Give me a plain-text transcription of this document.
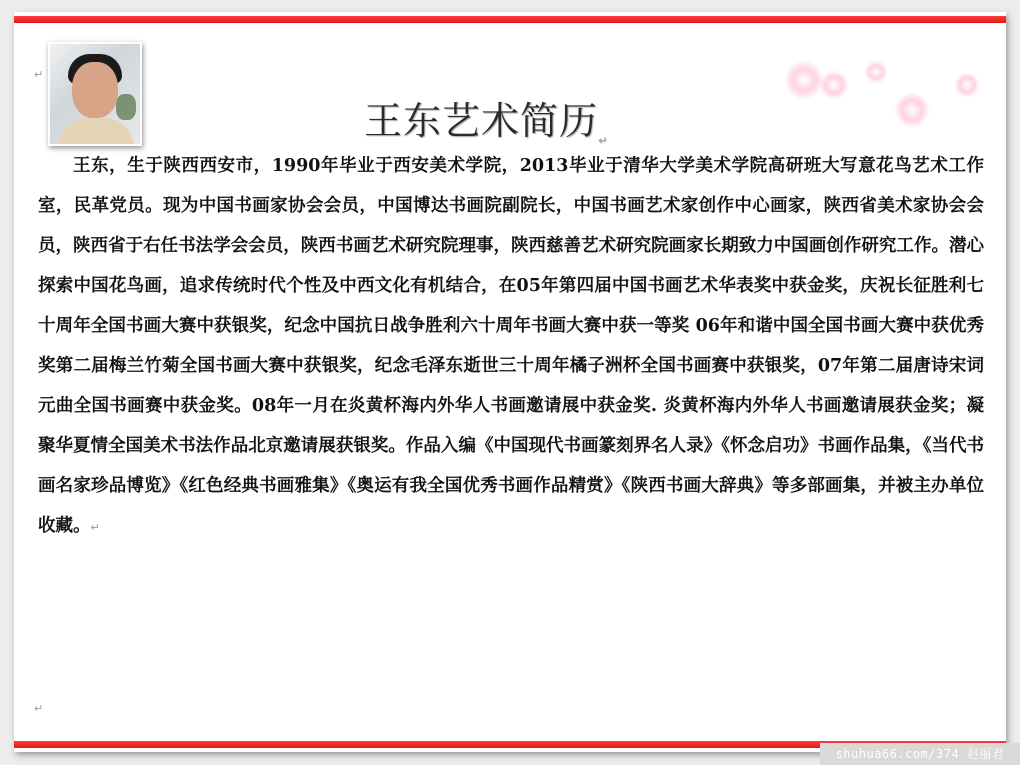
↵
王东艺术简历$_↵$

王东，生于陕西西安市，1990年毕业于西安美术学院，2013毕业于清华大学美术学院高研班大写意花鸟艺术工作室，民革党员。现为中国书画家协会会员，中国博达书画院副院长，中国书画艺术家创作中心画家，陕西省美术家协会会员，陕西省于右任书法学会会员，陕西书画艺术研究院理事，陕西慈善艺术研究院画家长期致力中国画创作研究工作。潜心探索中国花鸟画，追求传统时代个性及中西文化有机结合，在05年第四届中国书画艺术华表奖中获金奖，庆祝长征胜利七十周年全国书画大赛中获银奖，纪念中国抗日战争胜利六十周年书画大赛中获一等奖 06年和谐中国全国书画大赛中获优秀奖第二届梅兰竹菊全国书画大赛中获银奖，纪念毛泽东逝世三十周年橘子洲杯全国书画赛中获银奖，07年第二届唐诗宋词元曲全国书画赛中获金奖。08年一月在炎黄杯海内外华人书画邀请展中获金奖. 炎黄杯海内外华人书画邀请展获金奖；凝聚华夏情全国美术书法作品北京邀请展获银奖。作品入编《中国现代书画篆刻界名人录》《怀念启功》书画作品集，《当代书画名家珍品博览》《红色经典书画雅集》《奥运有我全国优秀书画作品精赏》《陕西书画大辞典》等多部画集，并被主办单位收藏。↵

↵
shuhua66.com/374 赵丽君
